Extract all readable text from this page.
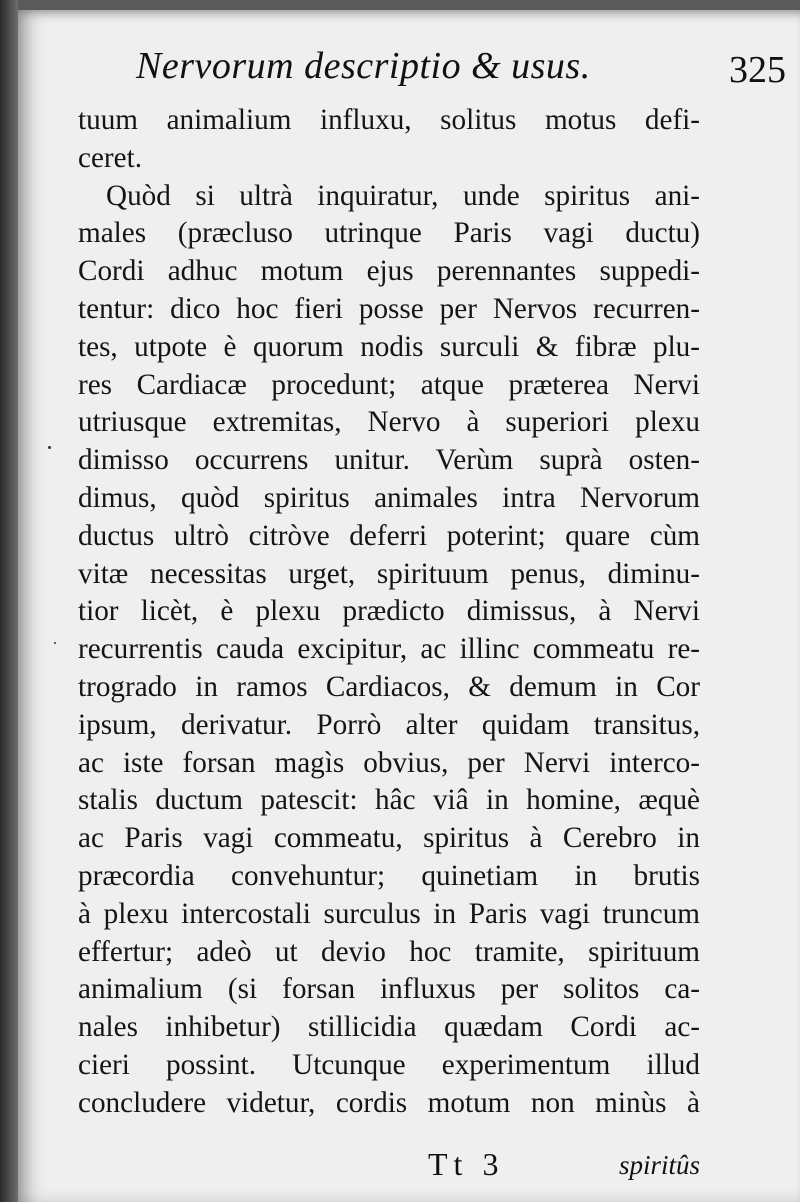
Nervorum descriptio & usus.	325
tuum animalium influxu, solitus motus defi-
ceret.
Quòd si ultrà inquiratur, unde spiritus ani-
males (præcluso utrinque Paris vagi ductu)
Cordi adhuc motum ejus perennantes suppedi-
tentur: dico hoc fieri posse per Nervos recurren-
tes, utpote è quorum nodis surculi & fibræ plu-
res Cardiacæ procedunt; atque præterea Nervi
utriusque extremitas, Nervo à superiori plexu
dimisso occurrens unitur. Verùm suprà osten-
dimus, quòd spiritus animales intra Nervorum
ductus ultrò citròve deferri poterint; quare cùm
vitæ necessitas urget, spirituum penus, diminu-
tior licèt, è plexu prædicto dimissus, à Nervi
recurrentis cauda excipitur, ac illinc commeatu re-
trogrado in ramos Cardiacos, & demum in Cor
ipsum, derivatur. Porrò alter quidam transitus,
ac iste forsan magìs obvius, per Nervi interco-
stalis ductum patescit: hâc viâ in homine, æquè
ac Paris vagi commeatu, spiritus à Cerebro in
præcordia convehuntur; quinetiam in brutis
à plexu intercostali surculus in Paris vagi truncum
effertur; adeò ut devio hoc tramite, spirituum
animalium (si forsan influxus per solitos ca-
nales inhibetur) stillicidia quædam Cordi ac-
cieri possint. Utcunque experimentum illud
concludere videtur, cordis motum non minùs à
Tt 3	spiritûs
